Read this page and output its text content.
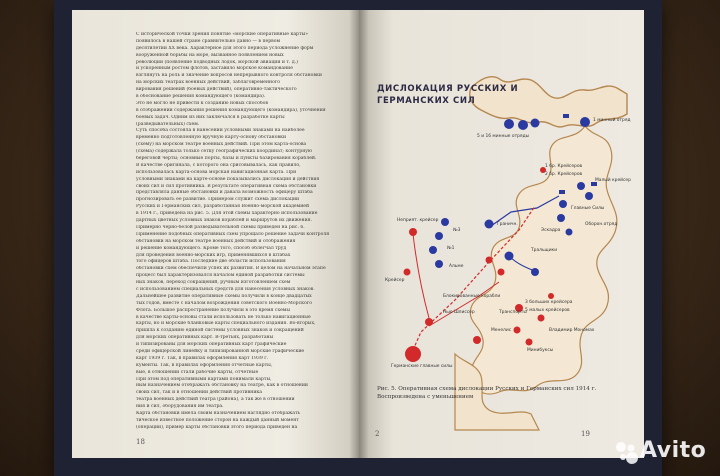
С исторической точки зрения понятие «морские оперативные карты»
появилось в нашей стране сравнительно давно — в первом
десятилетии XX века. Характерное для этого периода усложнение форм
вооруженной борьбы на море, вызванное появлением новых
революции (появление подводных лодок, морской авиации и т. д.)
и ускоренным ростом флотов, заставило морское командование
взглянуть на роль и значение вопросов непрерывного контроля обстановки
на морских театрах военных действий, заблаговременного
вирования решений (боевых действий), оперативно-тактического
в обоснование решения командующего (командира).
Это не могло не привести к созданию новых способов
в отображении содержания решения командующего (командира), уточнения
боевых задач. Одним из них заключался в разработке карты
(разведывательных) схем.
Суть способа состояла в нанесении условными знаками на наиболее
временно подготовленную вручную карту-основу обстановки
(схему) на морском театре военных действий. При этом карта-основа
(схема) содержала только сетку географических координат; контурную
береговой черты; основные порты, базы и пункты базирования кораблей.
В качестве оригинала, с которого она срисовывалась, как правило,
использовалась карта-основа морская навигационная карта. При
условными знаками на карте-основе показывались дислокация и действия
своих сил и сил противника. В результате оперативная схема обстановки
представляла данные обстановки и давала возможность офицеру штаба
прогнозировать ее развитие. Примером служит схема дислокации
Русских и Германских сил, разработанная Военно-морской академией
в 1914 г., приведена на рис. 5. Для этой схемы характерно использование
дартных цветных условных знаков кораблей и маршрутов их движения.
Примерно черно-белой разведывательной схемы приведен на рис. 6.
Применение подобных оперативных схем упрощало решение задачи контроля
обстановки на морском театре военных действий и отображения
и решение командующего. Кроме того, способ облегчал труд
для проведения военно-морских игр, применявшихся в штабах
того офицеров штаба. Последние две области использования
обстановки схем обеспечили успех их развития. В целом на начальном этапе
процесс был характеризовался началом единой разработки системы
ных знаков, переход сокращений, ручным изготовлением схем
с использованием специальных средств для нанесения условных знаков.
Дальнейшее развитие оперативные схемы получили в конце двадцатых
тых годов, вместе с началом возрождения советского Военно-Морского
Флота. Большое распространение получили в это время схемы
в качестве карты-основы стали использовать не только навигационные
карты, но и морские бланковые карты специального издания. Во-вторых,
пришла к созданию единой системы условных знаков и сокращений
для морских оперативных карт. В-третьих, разработаны
и типизированы для морских оперативных карт графические
среди офицерской линейку и типизированной морские графические
карт 1939 г. Так, в правилах оформления карт 1939 г.
кументы. Так, в правилах оформления отчетные карты,
вые, в отношении стали рабочие карты, отчетные
При этом под оперативными картами понимали карты,
ным назначением отображать обстановку на театре, как в отношении
своих сил, так и в отношении действий противника
театра военных действий театра (района), а так же в отношении
ния и сил, оборудования им театра.
Карта обстановки имела своим назначением наглядно отображать
тическое известное положение сторон на каждый данный момент
(операции), пример карты обстановки этого периода приведен на
18
ДИСЛОКАЦИЯ РУССКИХ И
ГЕРМАНСКИХ СИЛ
5 и 16 минные отряды
1 минный отряд
1 бр. Крейсеров
2 бр. Крейсеров
Малый крейсер
Главные Силы
Оборон.отряд
Эскадра
Тральщики
№3
№1
Альме
Граничн.
Неприят. крейсер
Крейсер
Блокированные корабли
3 больших крейсера
5 малых крейсеров
Владимир Мономах
Минибуксы
Менелис
Нью Шлиссер	Транспорты
Германские главные силы
Рис. 5. Оперативная схема дислокации Русских и Германских сил 1914 г.
Воспроизведена с уменьшением
2	19
Avito
